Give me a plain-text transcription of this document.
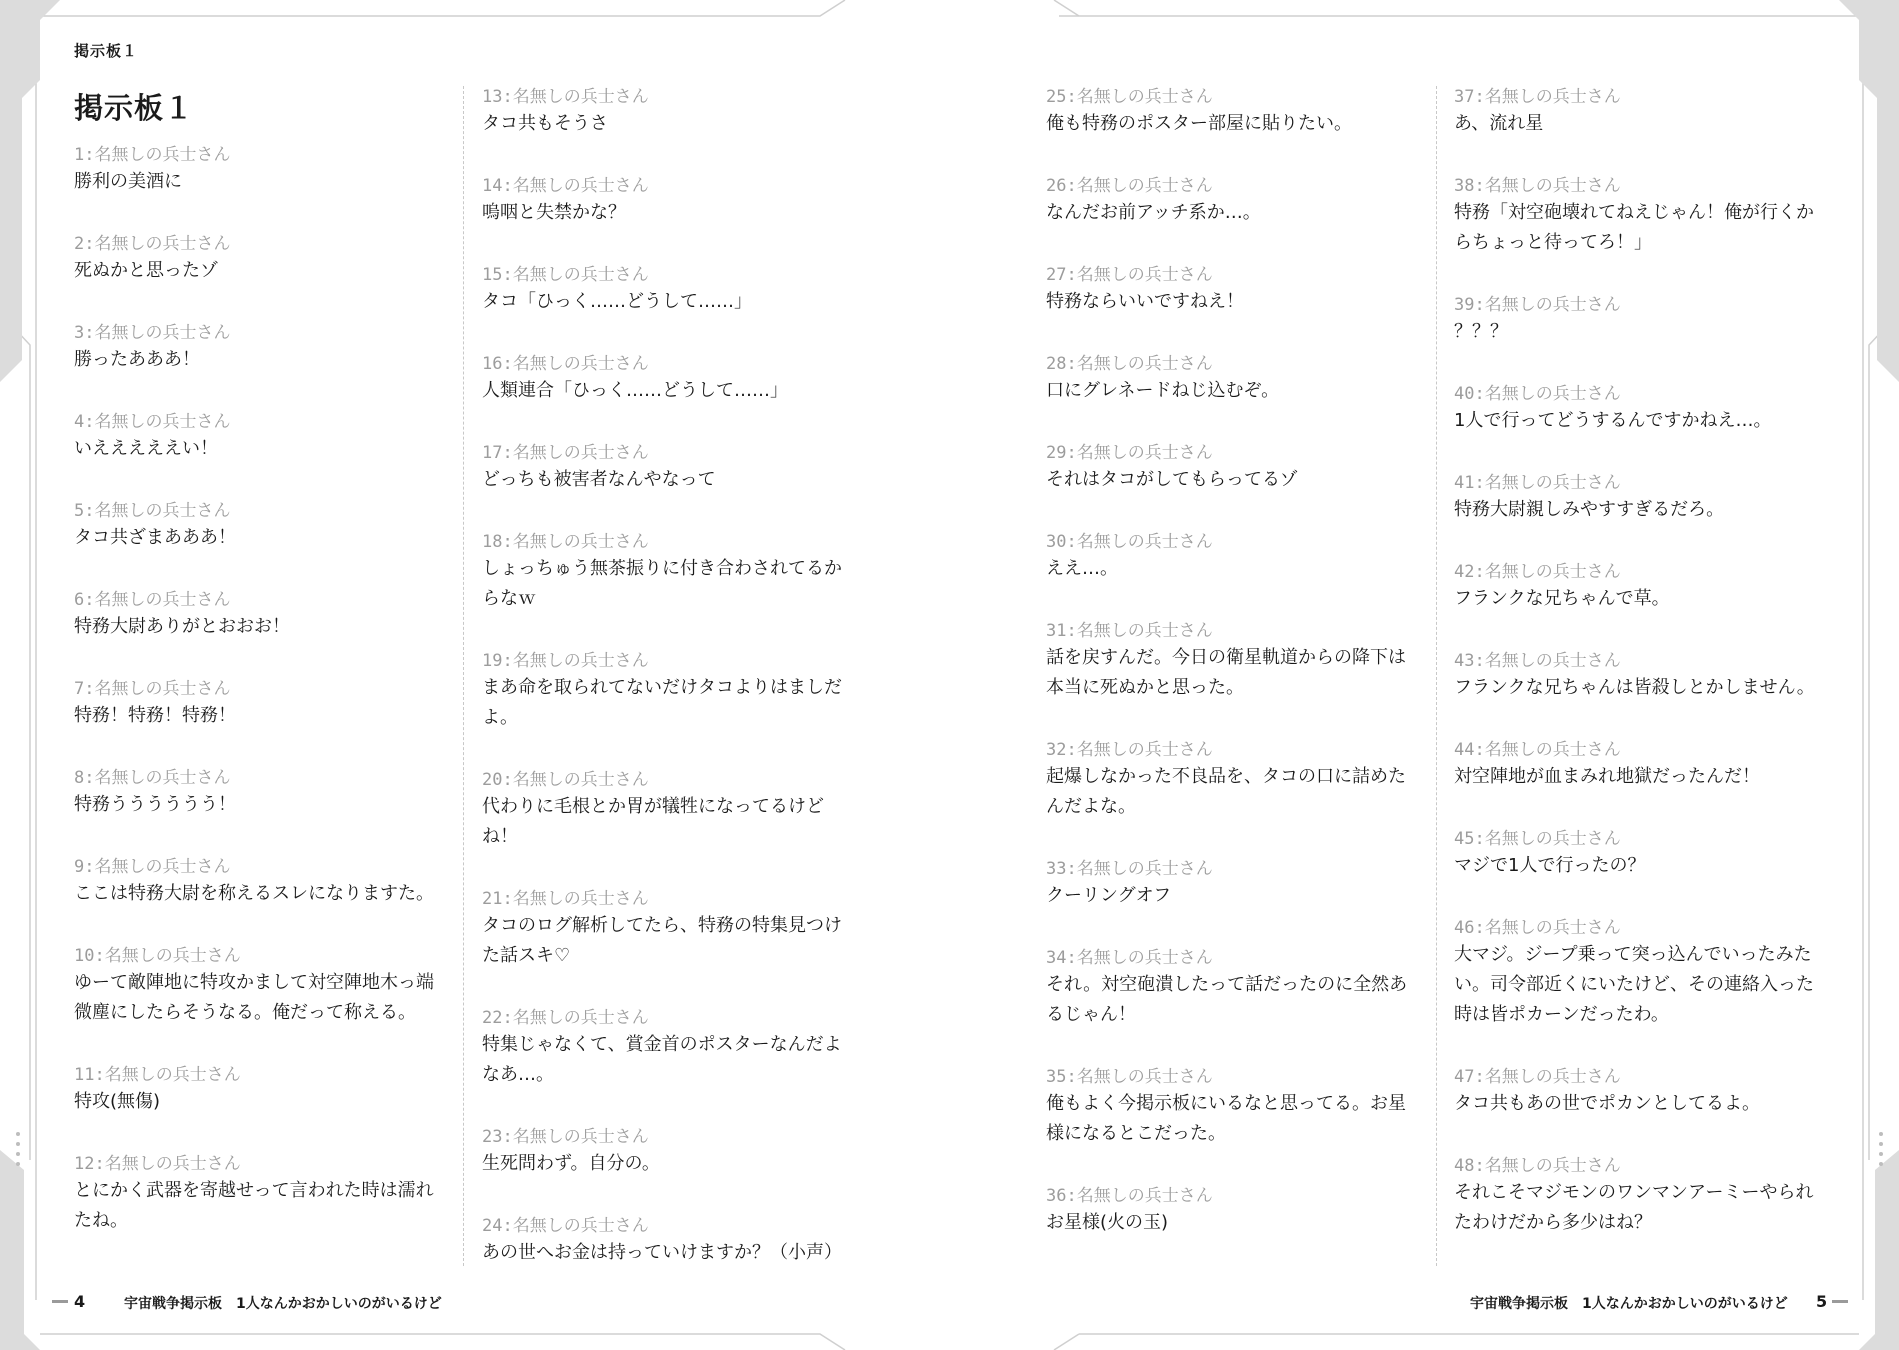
掲示板１
掲示板１
1:名無しの兵士さん
勝利の美酒に
2:名無しの兵士さん
死ぬかと思ったゾ
3:名無しの兵士さん
勝ったあああ！
4:名無しの兵士さん
いえええええい！
5:名無しの兵士さん
タコ共ざまあああ！
6:名無しの兵士さん
特務大尉ありがとおおお！
7:名無しの兵士さん
特務！特務！特務！
8:名無しの兵士さん
特務うううううう！
9:名無しの兵士さん
ここは特務大尉を称えるスレになりますた。
10:名無しの兵士さん
ゆーて敵陣地に特攻かまして対空陣地木っ端
微塵にしたらそうなる。俺だって称える。
11:名無しの兵士さん
特攻(無傷)
12:名無しの兵士さん
とにかく武器を寄越せって言われた時は濡れ
たね。
13:名無しの兵士さん
タコ共もそうさ
14:名無しの兵士さん
嗚咽と失禁かな？
15:名無しの兵士さん
タコ「ひっく……どうして……」
16:名無しの兵士さん
人類連合「ひっく……どうして……」
17:名無しの兵士さん
どっちも被害者なんやなって
18:名無しの兵士さん
しょっちゅう無茶振りに付き合わされてるか
らなｗ
19:名無しの兵士さん
まあ命を取られてないだけタコよりはましだ
よ。
20:名無しの兵士さん
代わりに毛根とか胃が犠牲になってるけど
ね！
21:名無しの兵士さん
タコのログ解析してたら、特務の特集見つけ
た話スキ♡
22:名無しの兵士さん
特集じゃなくて、賞金首のポスターなんだよ
なあ…。
23:名無しの兵士さん
生死問わず。自分の。
24:名無しの兵士さん
あの世へお金は持っていけますか？（小声）
4	宇宙戦争掲示板　1人なんかおかしいのがいるけど
25:名無しの兵士さん
俺も特務のポスター部屋に貼りたい。
26:名無しの兵士さん
なんだお前アッチ系か…。
27:名無しの兵士さん
特務ならいいですねえ！
28:名無しの兵士さん
口にグレネードねじ込むぞ。
29:名無しの兵士さん
それはタコがしてもらってるゾ
30:名無しの兵士さん
ええ…。
31:名無しの兵士さん
話を戻すんだ。今日の衛星軌道からの降下は
本当に死ぬかと思った。
32:名無しの兵士さん
起爆しなかった不良品を、タコの口に詰めた
んだよな。
33:名無しの兵士さん
クーリングオフ
34:名無しの兵士さん
それ。対空砲潰したって話だったのに全然あ
るじゃん！
35:名無しの兵士さん
俺もよく今掲示板にいるなと思ってる。お星
様になるとこだった。
36:名無しの兵士さん
お星様(火の玉)
37:名無しの兵士さん
あ、流れ星
38:名無しの兵士さん
特務「対空砲壊れてねえじゃん！俺が行くか
らちょっと待ってろ！」
39:名無しの兵士さん
？？？
40:名無しの兵士さん
1人で行ってどうするんですかねえ…。
41:名無しの兵士さん
特務大尉親しみやすすぎるだろ。
42:名無しの兵士さん
フランクな兄ちゃんで草。
43:名無しの兵士さん
フランクな兄ちゃんは皆殺しとかしません。
44:名無しの兵士さん
対空陣地が血まみれ地獄だったんだ！
45:名無しの兵士さん
マジで1人で行ったの？
46:名無しの兵士さん
大マジ。ジープ乗って突っ込んでいったみた
い。司令部近くにいたけど、その連絡入った
時は皆ポカーンだったわ。
47:名無しの兵士さん
タコ共もあの世でポカンとしてるよ。
48:名無しの兵士さん
それこそマジモンのワンマンアーミーやられ
たわけだから多少はね？
宇宙戦争掲示板　1人なんかおかしいのがいるけど 5
